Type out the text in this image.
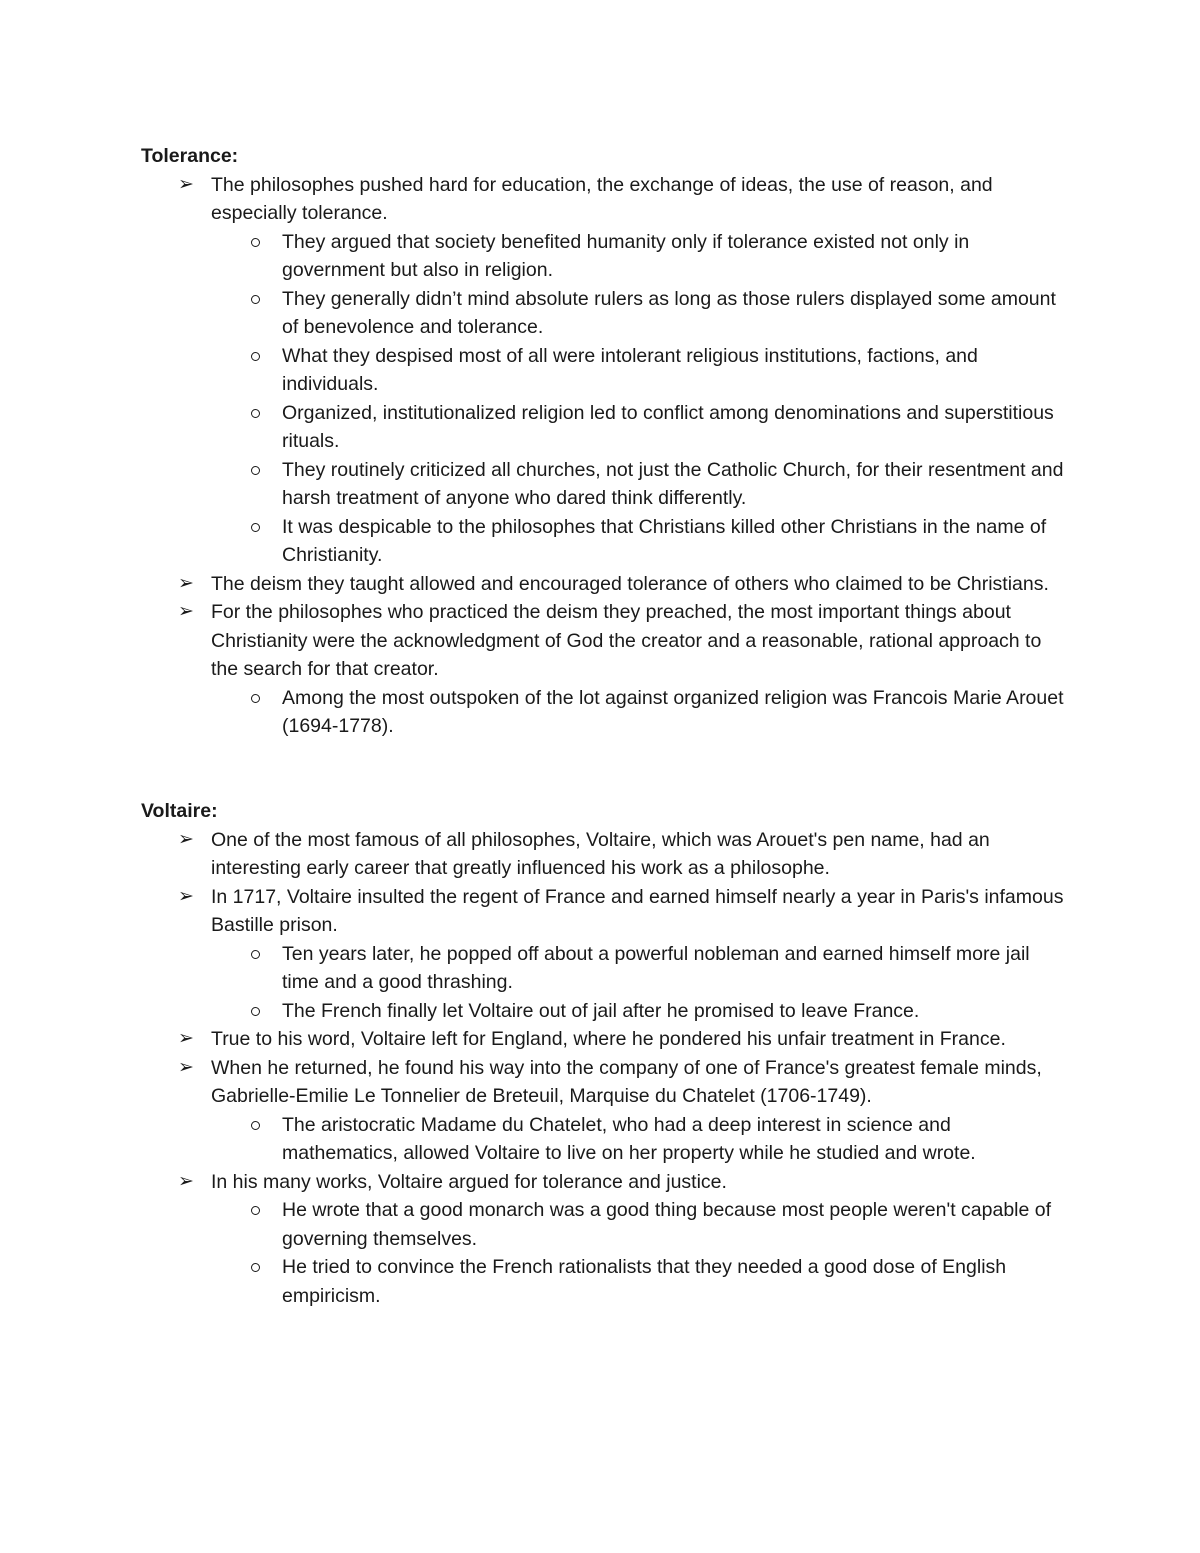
Tolerance:
➢ The philosophes pushed hard for education, the exchange of ideas, the use of reason, and especially tolerance.
They argued that society benefited humanity only if tolerance existed not only in government but also in religion.
They generally didn’t mind absolute rulers as long as those rulers displayed some amount of benevolence and tolerance.
What they despised most of all were intolerant religious institutions, factions, and individuals.
Organized, institutionalized religion led to conflict among denominations and superstitious rituals.
They routinely criticized all churches, not just the Catholic Church, for their resentment and harsh treatment of anyone who dared think differently.
It was despicable to the philosophes that Christians killed other Christians in the name of Christianity.
➢ The deism they taught allowed and encouraged tolerance of others who claimed to be Christians.
➢ For the philosophes who practiced the deism they preached, the most important things about Christianity were the acknowledgment of God the creator and a reasonable, rational approach to the search for that creator.
Among the most outspoken of the lot against organized religion was Francois Marie Arouet (1694-1778).
Voltaire:
➢ One of the most famous of all philosophes, Voltaire, which was Arouet's pen name, had an interesting early career that greatly influenced his work as a philosophe.
➢ In 1717, Voltaire insulted the regent of France and earned himself nearly a year in Paris's infamous Bastille prison.
Ten years later, he popped off about a powerful nobleman and earned himself more jail time and a good thrashing.
The French finally let Voltaire out of jail after he promised to leave France.
➢ True to his word, Voltaire left for England, where he pondered his unfair treatment in France.
➢ When he returned, he found his way into the company of one of France's greatest female minds, Gabrielle-Emilie Le Tonnelier de Breteuil, Marquise du Chatelet (1706-1749).
The aristocratic Madame du Chatelet, who had a deep interest in science and mathematics, allowed Voltaire to live on her property while he studied and wrote.
➢ In his many works, Voltaire argued for tolerance and justice.
He wrote that a good monarch was a good thing because most people weren't capable of governing themselves.
He tried to convince the French rationalists that they needed a good dose of English empiricism.
